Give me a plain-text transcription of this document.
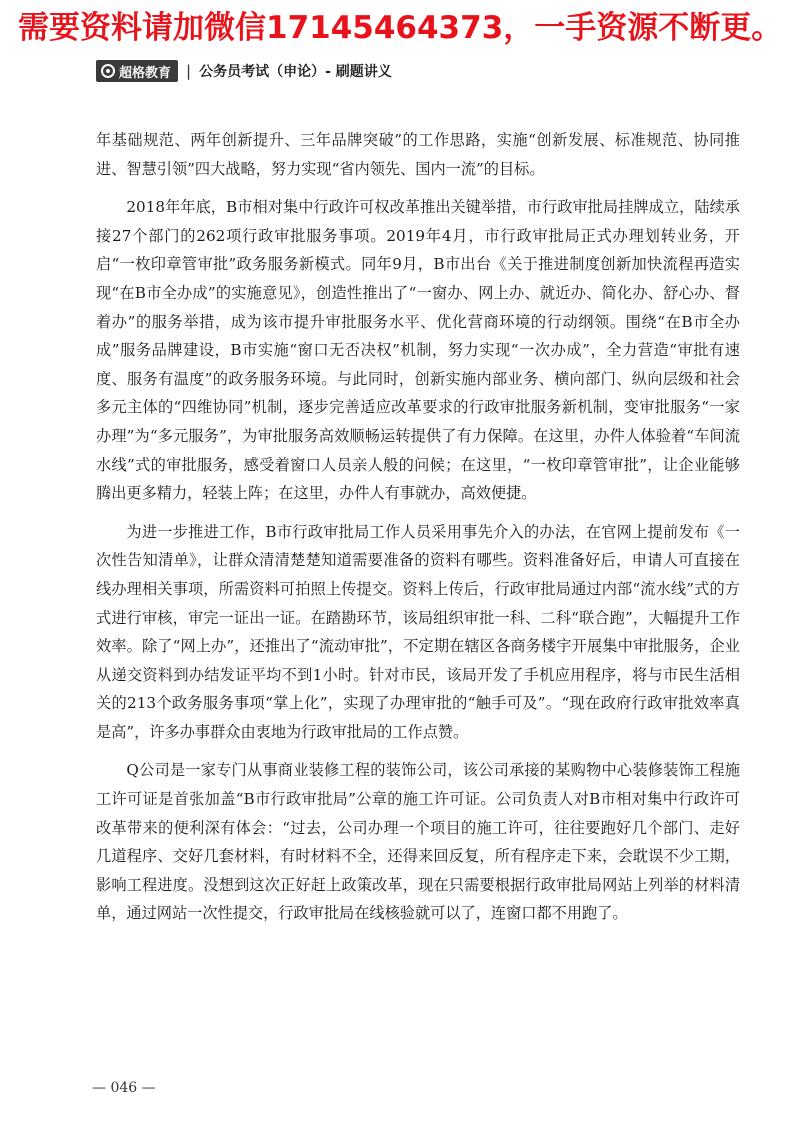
需要资料请加微信17145464373，一手资源不断更。
超格教育 | 公务员考试（申论）- 刷题讲义

年基础规范、两年创新提升、三年品牌突破”的工作思路，实施“创新发展、标准规范、协同推进、智慧引领”四大战略，努力实现“省内领先、国内一流”的目标。

2018年年底，B市相对集中行政许可权改革推出关键举措，市行政审批局挂牌成立，陆续承接27个部门的262项行政审批服务事项。2019年4月，市行政审批局正式办理划转业务，开启“一枚印章管审批”政务服务新模式。同年9月，B市出台《关于推进制度创新加快流程再造实现“在B市全办成”的实施意见》，创造性推出了“一窗办、网上办、就近办、简化办、舒心办、督着办”的服务举措，成为该市提升审批服务水平、优化营商环境的行动纲领。围绕“在B市全办成”服务品牌建设，B市实施“窗口无否决权”机制，努力实现“一次办成”，全力营造“审批有速度、服务有温度”的政务服务环境。与此同时，创新实施内部业务、横向部门、纵向层级和社会多元主体的“四维协同”机制，逐步完善适应改革要求的行政审批服务新机制，变审批服务“一家办理”为“多元服务”，为审批服务高效顺畅运转提供了有力保障。在这里，办件人体验着“车间流水线”式的审批服务，感受着窗口人员亲人般的问候；在这里，“一枚印章管审批”，让企业能够腾出更多精力，轻装上阵；在这里，办件人有事就办，高效便捷。

为进一步推进工作，B市行政审批局工作人员采用事先介入的办法，在官网上提前发布《一次性告知清单》，让群众清清楚楚知道需要准备的资料有哪些。资料准备好后，申请人可直接在线办理相关事项，所需资料可拍照上传提交。资料上传后，行政审批局通过内部“流水线”式的方式进行审核，审完一证出一证。在踏勘环节，该局组织审批一科、二科“联合跑”，大幅提升工作效率。除了“网上办”，还推出了“流动审批”，不定期在辖区各商务楼宇开展集中审批服务，企业从递交资料到办结发证平均不到1小时。针对市民，该局开发了手机应用程序，将与市民生活相关的213个政务服务事项“掌上化”，实现了办理审批的“触手可及”。“现在政府行政审批效率真是高”，许多办事群众由衷地为行政审批局的工作点赞。

Q公司是一家专门从事商业装修工程的装饰公司，该公司承接的某购物中心装修装饰工程施工许可证是首张加盖“B市行政审批局”公章的施工许可证。公司负责人对B市相对集中行政许可改革带来的便利深有体会：“过去，公司办理一个项目的施工许可，往往要跑好几个部门、走好几道程序、交好几套材料，有时材料不全，还得来回反复，所有程序走下来，会耽误不少工期，影响工程进度。没想到这次正好赶上政策改革，现在只需要根据行政审批局网站上列举的材料清单，通过网站一次性提交，行政审批局在线核验就可以了，连窗口都不用跑了。

— 046 —
